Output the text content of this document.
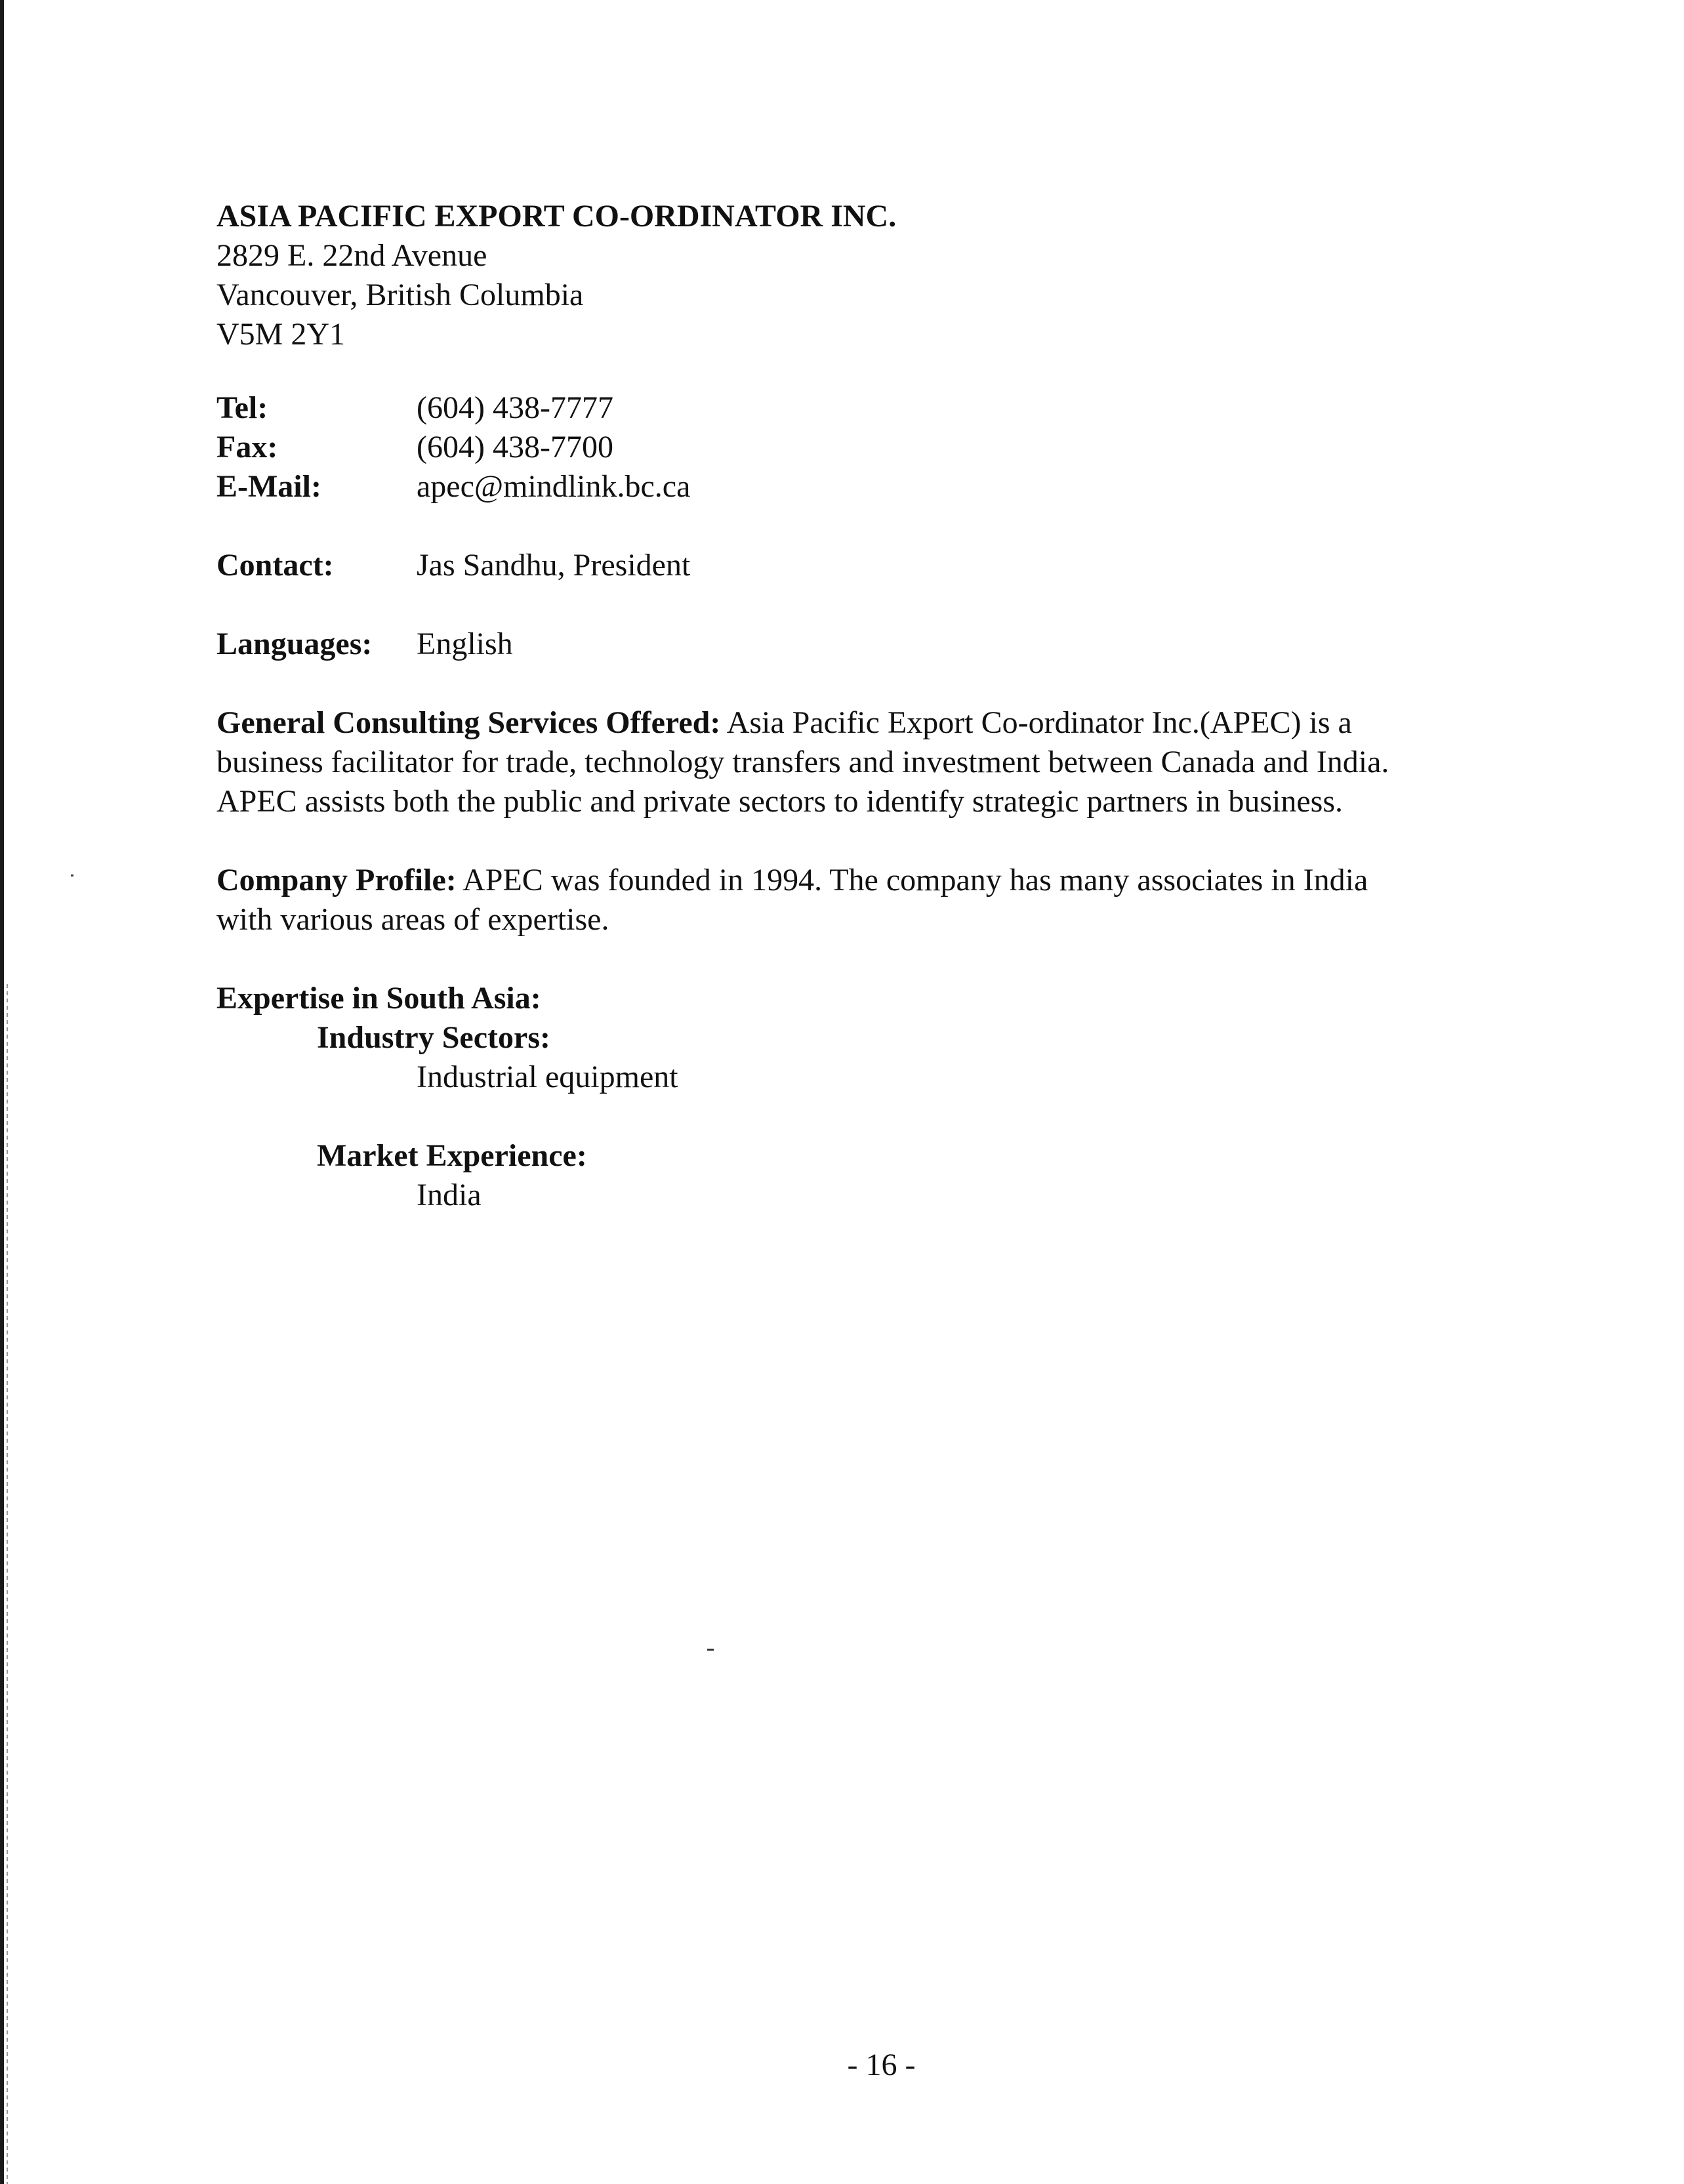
ASIA PACIFIC EXPORT CO-ORDINATOR INC.

2829 E. 22nd Avenue

Vancouver, British Columbia

V5M 2Y1

Tel:	(604) 438-7777
Fax:	(604) 438-7700
E-Mail:	apec@mindlink.bc.ca
Contact:	Jas Sandhu, President
Languages:	English

General Consulting Services Offered: Asia Pacific Export Co-ordinator Inc.(APEC) is a business facilitator for trade, technology transfers and investment between Canada and India. APEC assists both the public and private sectors to identify strategic partners in business.

Company Profile: APEC was founded in 1994. The company has many associates in India with various areas of expertise.

Expertise in South Asia:
Industry Sectors:
Industrial equipment
Market Experience:
India
- 16 -
